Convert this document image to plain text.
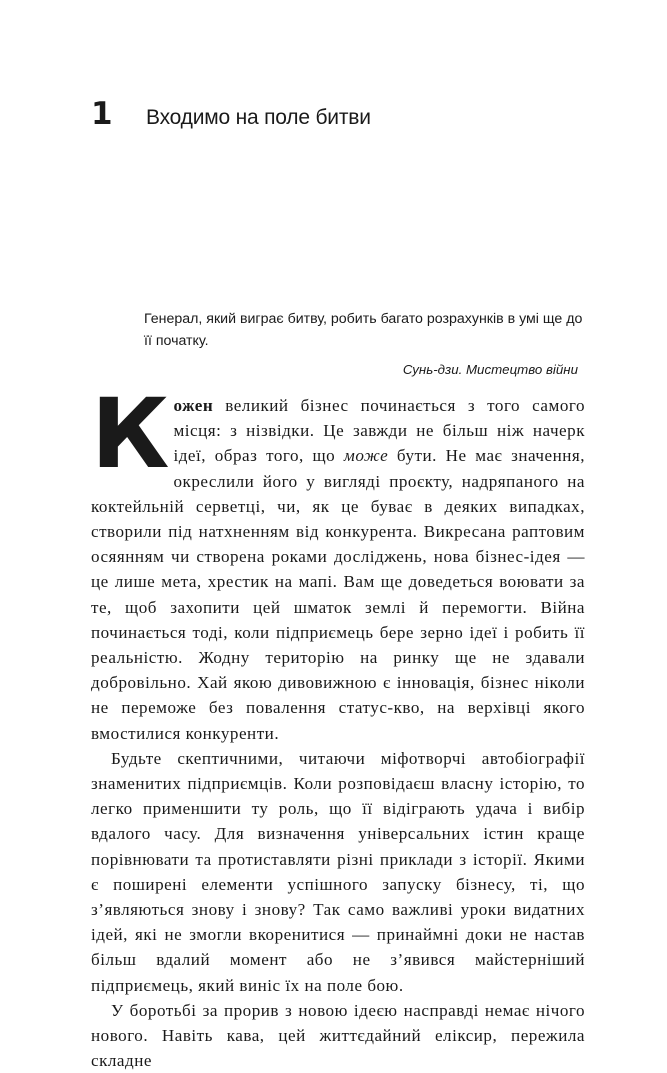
1	Входимо на поле битви

Генерал, який виграє битву, робить багато розрахунків в умі ще до її початку.

Сунь-дзи. Мистецтво війни

Кожен великий бізнес починається з того самого місця: з нізвідки. Це завжди не більш ніж начерк ідеї, образ того, що може бути. Не має значення, окреслили його у вигляді проєкту, надряпаного на коктейльній серветці, чи, як це буває в деяких випадках, створили під натхненням від конкурента. Викресана раптовим осяянням чи створена роками досліджень, нова бізнес-ідея — це лише мета, хрестик на мапі. Вам ще доведеться воювати за те, щоб захопити цей шматок землі й перемогти. Війна починається тоді, коли підприємець бере зерно ідеї і робить її реальністю. Жодну територію на ринку ще не здавали добровільно. Хай якою дивовижною є інновація, бізнес ніколи не переможе без повалення статус-кво, на верхівці якого вмостилися конкуренти.

Будьте скептичними, читаючи міфотворчі автобіографії знаменитих підприємців. Коли розповідаєш власну історію, то легко применшити ту роль, що її відіграють удача і вибір вдалого часу. Для визначення універсальних істин краще порівнювати та протиставляти різні приклади з історії. Якими є поширені елементи успішного запуску бізнесу, ті, що з’являються знову і знову? Так само важливі уроки видатних ідей, які не змогли вкоренитися — принаймні доки не настав більш вдалий момент або не з’явився майстерніший підприємець, який виніс їх на поле бою.

У боротьбі за прорив з новою ідеєю насправді немає нічого нового. Навіть кава, цей життєдайний еліксир, пережила складне
